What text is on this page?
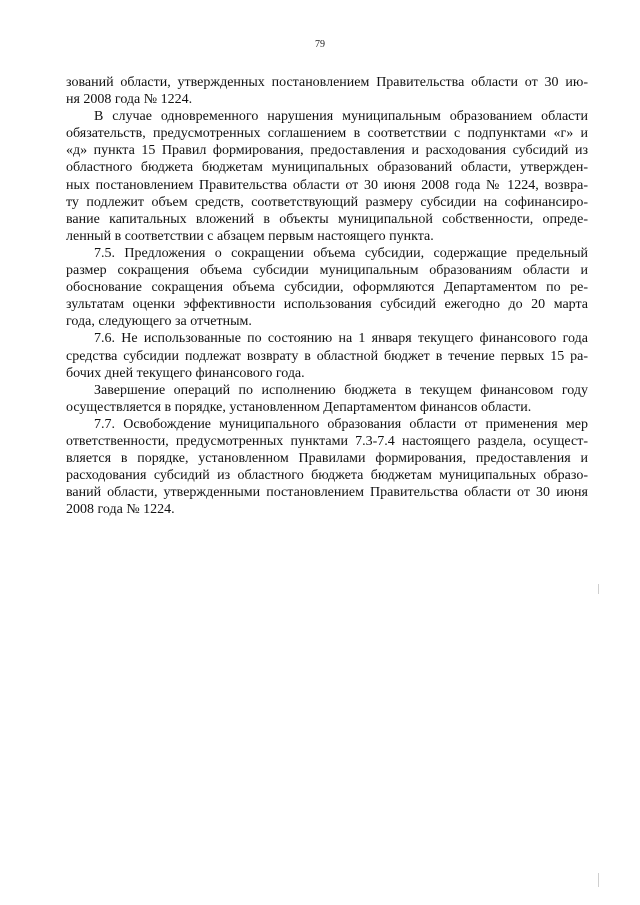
79
зований области, утвержденных постановлением Правительства области от 30 ию-
ня 2008 года № 1224.
В случае одновременного нарушения муниципальным образованием области
обязательств, предусмотренных соглашением в соответствии с подпунктами «г» и
«д» пункта 15 Правил формирования, предоставления и расходования субсидий из
областного бюджета бюджетам муниципальных образований области, утвержден-
ных постановлением Правительства области от 30 июня 2008 года № 1224, возвра-
ту подлежит объем средств, соответствующий размеру субсидии на софинансиро-
вание капитальных вложений в объекты муниципальной собственности, опреде-
ленный в соответствии с абзацем первым настоящего пункта.
7.5. Предложения о сокращении объема субсидии, содержащие предельный
размер сокращения объема субсидии муниципальным образованиям области и
обоснование сокращения объема субсидии, оформляются Департаментом по ре-
зультатам оценки эффективности использования субсидий ежегодно до 20 марта
года, следующего за отчетным.
7.6. Не использованные по состоянию на 1 января текущего финансового года
средства субсидии подлежат возврату в областной бюджет в течение первых 15 ра-
бочих дней текущего финансового года.
Завершение операций по исполнению бюджета в текущем финансовом году
осуществляется в порядке, установленном Департаментом финансов области.
7.7. Освобождение муниципального образования области от применения мер
ответственности, предусмотренных пунктами 7.3-7.4 настоящего раздела, осущест-
вляется в порядке, установленном Правилами формирования, предоставления и
расходования субсидий из областного бюджета бюджетам муниципальных образо-
ваний области, утвержденными постановлением Правительства области от 30 июня
2008 года № 1224.
